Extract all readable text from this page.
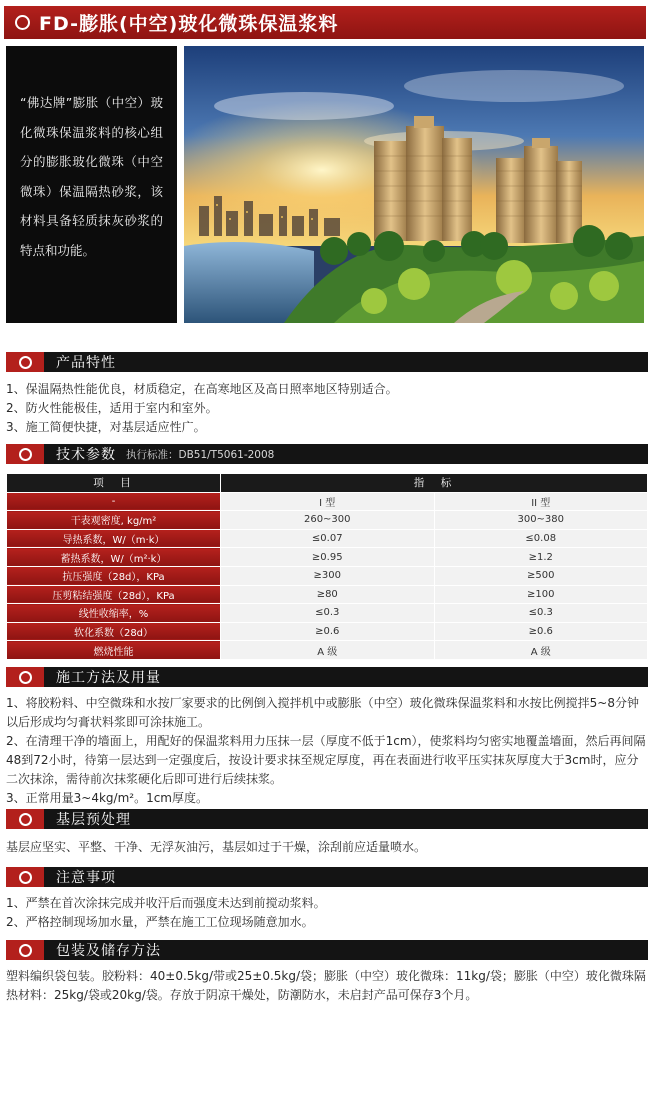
FD-膨胀(中空)玻化微珠保温浆料
“佛达牌”膨胀（中空）玻化微珠保温浆料的核心组分的膨胀玻化微珠（中空微珠）保温隔热砂浆，该材料具备轻质抹灰砂浆的特点和功能。
产品特性
1、保温隔热性能优良，材质稳定，在高寒地区及高日照率地区特别适合。
2、防火性能极佳，适用于室内和室外。
3、施工简便快捷，对基层适应性广。
技术参数 执行标准：DB51/T5061-2008
项　目	指　标	
-	I 型	II 型
干表观密度, kg/m²	260~300	300~380
导热系数，W/（m·k）	≤0.07	≤0.08
蓄热系数，W/（m²·k）	≥0.95	≥1.2
抗压强度（28d），KPa	≥300	≥500
压剪粘结强度（28d），KPa	≥80	≥100
线性收缩率，%	≤0.3	≤0.3
软化系数（28d）	≥0.6	≥0.6
燃烧性能	A 级	A 级
施工方法及用量
1、将胶粉料、中空微珠和水按厂家要求的比例倒入搅拌机中或膨胀（中空）玻化微珠保温浆料和水按比例搅拌5~8分钟以后形成均匀膏状料浆即可涂抹施工。
2、在清理干净的墙面上，用配好的保温浆料用力压抹一层（厚度不低于1cm），使浆料均匀密实地覆盖墙面，然后再间隔48到72小时，待第一层达到一定强度后，按设计要求抹至规定厚度，再在表面进行收平压实抹灰厚度大于3cm时，应分二次抹涂，需待前次抹浆硬化后即可进行后续抹浆。
3、正常用量3~4kg/m²。1cm厚度。
基层预处理
基层应坚实、平整、干净、无浮灰油污，基层如过于干燥，涂刮前应适量喷水。
注意事项
1、严禁在首次涂抹完成并收汗后而强度未达到前搅动浆料。
2、严格控制现场加水量，严禁在施工工位现场随意加水。
包装及储存方法
塑料编织袋包装。胶粉料：40±0.5kg/带或25±0.5kg/袋；膨胀（中空）玻化微珠：11kg/袋；膨胀（中空）玻化微珠隔热材料：25kg/袋或20kg/袋。存放于阴凉干燥处，防潮防水，未启封产品可保存3个月。
